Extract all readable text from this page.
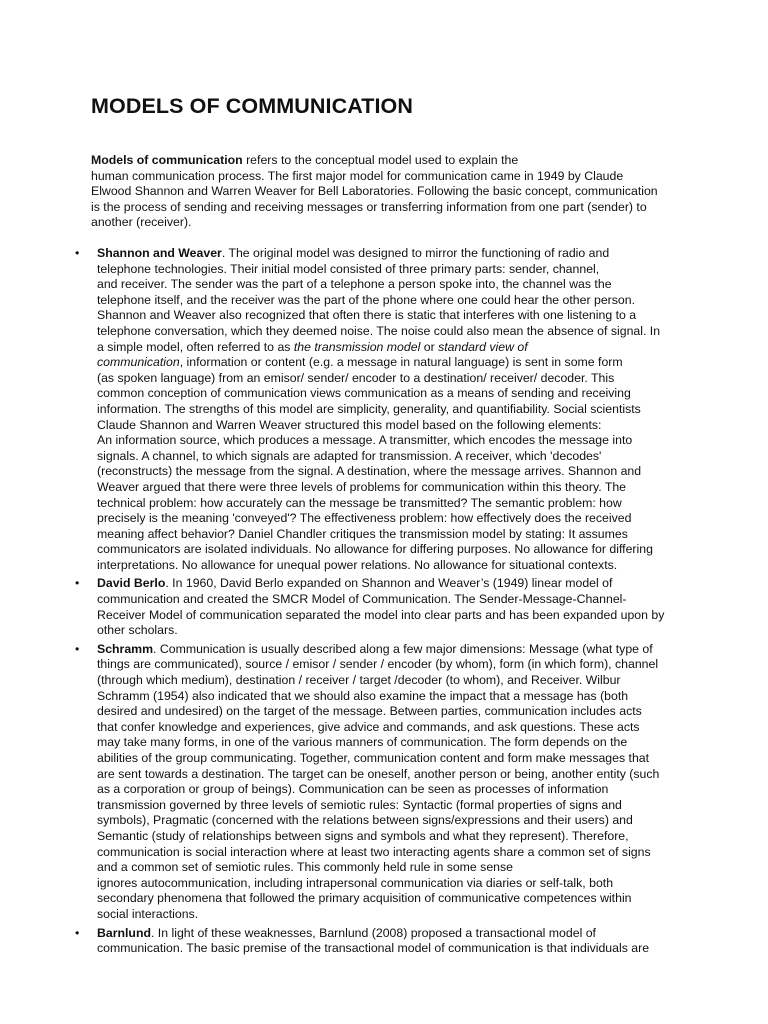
MODELS OF COMMUNICATION
Models of communication refers to the conceptual model used to explain the
human communication process. The first major model for communication came in 1949 by Claude
Elwood Shannon and Warren Weaver for Bell Laboratories. Following the basic concept, communication
is the process of sending and receiving messages or transferring information from one part (sender) to
another (receiver).
• Shannon and Weaver. The original model was designed to mirror the functioning of radio and
telephone technologies. Their initial model consisted of three primary parts: sender, channel,
and receiver. The sender was the part of a telephone a person spoke into, the channel was the
telephone itself, and the receiver was the part of the phone where one could hear the other person.
Shannon and Weaver also recognized that often there is static that interferes with one listening to a
telephone conversation, which they deemed noise. The noise could also mean the absence of signal. In
a simple model, often referred to as the transmission model or standard view of
communication, information or content (e.g. a message in natural language) is sent in some form
(as spoken language) from an emisor/ sender/ encoder to a destination/ receiver/ decoder. This
common conception of communication views communication as a means of sending and receiving
information. The strengths of this model are simplicity, generality, and quantifiability. Social scientists
Claude Shannon and Warren Weaver structured this model based on the following elements:
An information source, which produces a message. A transmitter, which encodes the message into
signals. A channel, to which signals are adapted for transmission. A receiver, which 'decodes'
(reconstructs) the message from the signal. A destination, where the message arrives. Shannon and
Weaver argued that there were three levels of problems for communication within this theory. The
technical problem: how accurately can the message be transmitted? The semantic problem: how
precisely is the meaning 'conveyed'? The effectiveness problem: how effectively does the received
meaning affect behavior? Daniel Chandler critiques the transmission model by stating: It assumes
communicators are isolated individuals. No allowance for differing purposes. No allowance for differing
interpretations. No allowance for unequal power relations. No allowance for situational contexts.
• David Berlo. In 1960, David Berlo expanded on Shannon and Weaver’s (1949) linear model of
communication and created the SMCR Model of Communication. The Sender-Message-Channel-
Receiver Model of communication separated the model into clear parts and has been expanded upon by
other scholars.
• Schramm. Communication is usually described along a few major dimensions: Message (what type of
things are communicated), source / emisor / sender / encoder (by whom), form (in which form), channel
(through which medium), destination / receiver / target /decoder (to whom), and Receiver. Wilbur
Schramm (1954) also indicated that we should also examine the impact that a message has (both
desired and undesired) on the target of the message. Between parties, communication includes acts
that confer knowledge and experiences, give advice and commands, and ask questions. These acts
may take many forms, in one of the various manners of communication. The form depends on the
abilities of the group communicating. Together, communication content and form make messages that
are sent towards a destination. The target can be oneself, another person or being, another entity (such
as a corporation or group of beings). Communication can be seen as processes of information
transmission governed by three levels of semiotic rules: Syntactic (formal properties of signs and
symbols), Pragmatic (concerned with the relations between signs/expressions and their users) and
Semantic (study of relationships between signs and symbols and what they represent). Therefore,
communication is social interaction where at least two interacting agents share a common set of signs
and a common set of semiotic rules. This commonly held rule in some sense
ignores autocommunication, including intrapersonal communication via diaries or self-talk, both
secondary phenomena that followed the primary acquisition of communicative competences within
social interactions.
• Barnlund. In light of these weaknesses, Barnlund (2008) proposed a transactional model of
communication. The basic premise of the transactional model of communication is that individuals are
